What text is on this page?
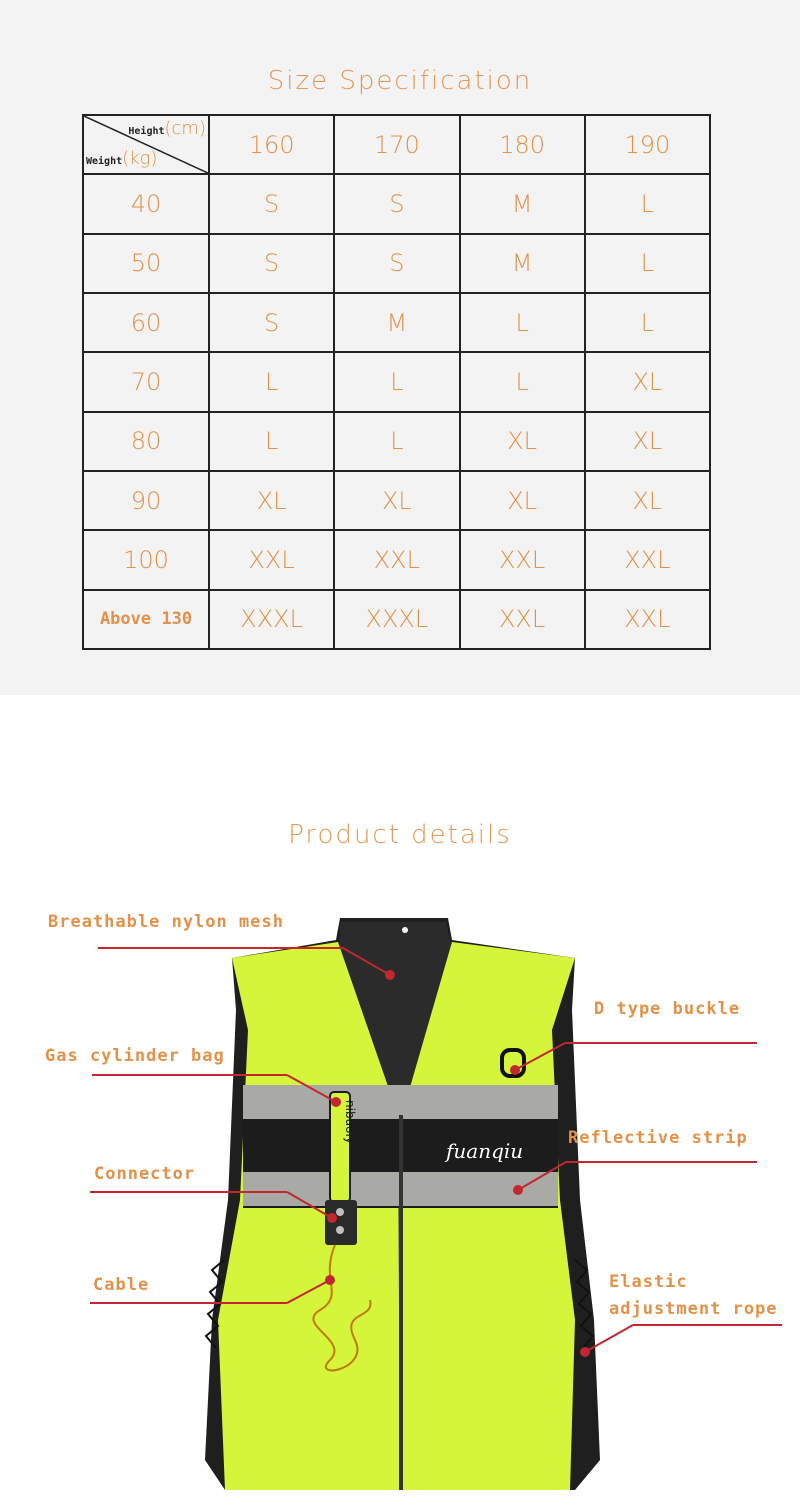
Size Specification
Height(cm)
Weight(kg)	160	170	180	190
40	S	S	M	L
50	S	S	M	L
60	S	M	L	L
70	L	L	L	XL
80	L	L	XL	XL
90	XL	XL	XL	XL
100	XXL	XXL	XXL	XXL
Above 130	XXXL	XXXL	XXL	XXL
Product details
nibuoiy
fuanqiu
Breathable nylon mesh
Gas cylinder bag
Connector
Cable
D type buckle
Reflective strip
Elastic
adjustment rope
